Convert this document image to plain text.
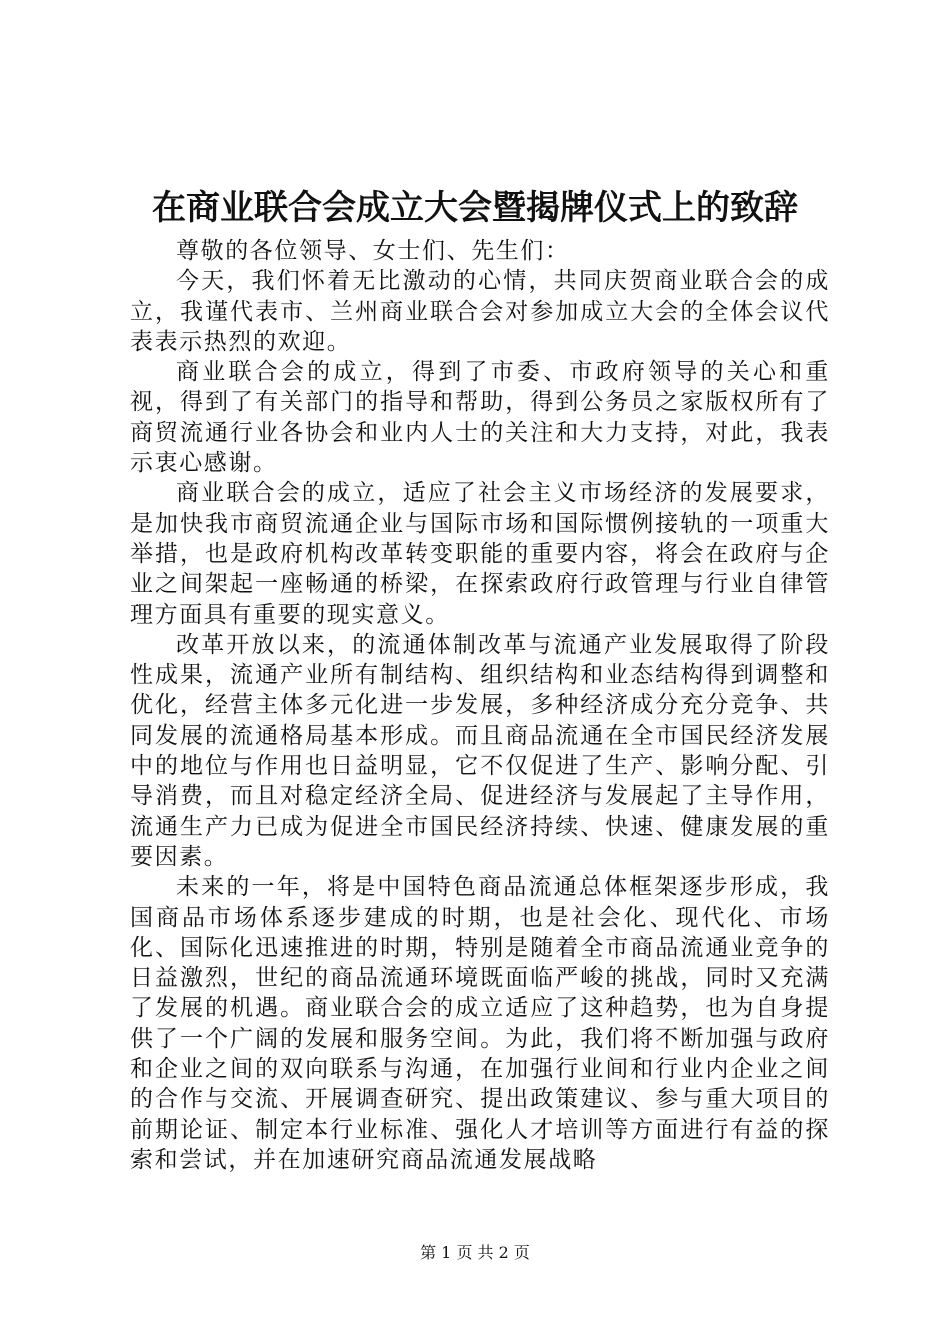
在商业联合会成立大会暨揭牌仪式上的致辞

尊敬的各位领导、女士们、先生们：

今天，我们怀着无比激动的心情，共同庆贺商业联合会的成立，我谨代表市、兰州商业联合会对参加成立大会的全体会议代表表示热烈的欢迎。

商业联合会的成立，得到了市委、市政府领导的关心和重视，得到了有关部门的指导和帮助，得到公务员之家版权所有了商贸流通行业各协会和业内人士的关注和大力支持，对此，我表示衷心感谢。

商业联合会的成立，适应了社会主义市场经济的发展要求，是加快我市商贸流通企业与国际市场和国际惯例接轨的一项重大举措，也是政府机构改革转变职能的重要内容，将会在政府与企业之间架起一座畅通的桥梁，在探索政府行政管理与行业自律管理方面具有重要的现实意义。

改革开放以来，的流通体制改革与流通产业发展取得了阶段性成果，流通产业所有制结构、组织结构和业态结构得到调整和优化，经营主体多元化进一步发展，多种经济成分充分竞争、共同发展的流通格局基本形成。而且商品流通在全市国民经济发展中的地位与作用也日益明显，它不仅促进了生产、影响分配、引导消费，而且对稳定经济全局、促进经济与发展起了主导作用，流通生产力已成为促进全市国民经济持续、快速、健康发展的重要因素。

未来的一年，将是中国特色商品流通总体框架逐步形成，我国商品市场体系逐步建成的时期，也是社会化、现代化、市场化、国际化迅速推进的时期，特别是随着全市商品流通业竞争的日益激烈，世纪的商品流通环境既面临严峻的挑战，同时又充满了发展的机遇。商业联合会的成立适应了这种趋势，也为自身提供了一个广阔的发展和服务空间。为此，我们将不断加强与政府和企业之间的双向联系与沟通，在加强行业间和行业内企业之间的合作与交流、开展调查研究、提出政策建议、参与重大项目的前期论证、制定本行业标准、强化人才培训等方面进行有益的探索和尝试，并在加速研究商品流通发展战略

第 1 页 共 2 页
